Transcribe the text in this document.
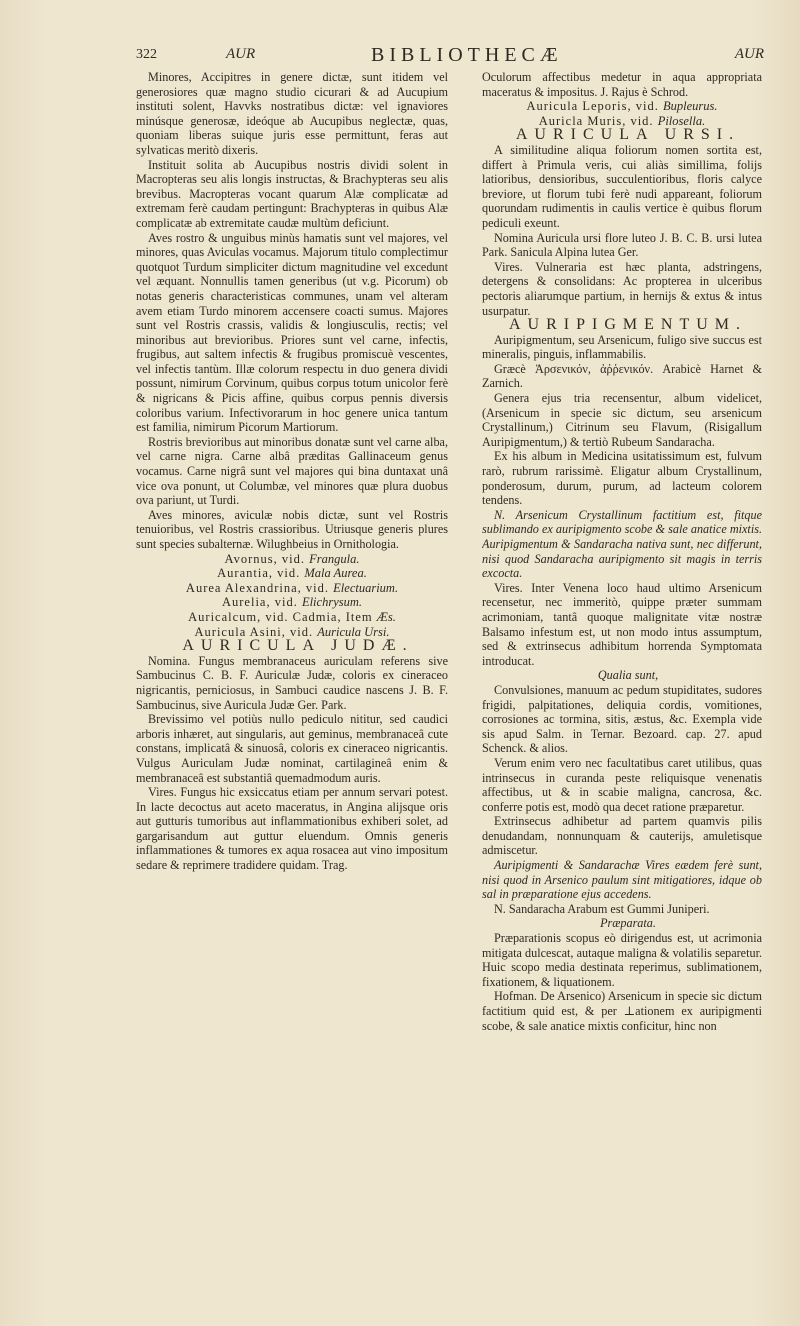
322	AUR	BIBLIOTHECÆ	AUR

Minores, Accipitres in genere dictæ, sunt itidem vel generosiores quæ magno studio cicurari & ad Aucupium instituti solent, Havvks nostratibus dictæ: vel ignaviores minúsque generosæ, ideóque ab Aucupibus neglectæ, quas, quoniam liberas suique juris esse permittunt, feras aut sylvaticas meritò dixeris.

Instituit solita ab Aucupibus nostris dividi solent in Macropteras seu alis longis instructas, & Brachypteras seu alis brevibus. Macropteras vocant quarum Alæ complicatæ ad extremam ferè caudam pertingunt: Brachypteras in quibus Alæ complicatæ ab extremitate caudæ multùm deficiunt.

Aves rostro & unguibus minùs hamatis sunt vel majores, vel minores, quas Aviculas vocamus. Majorum titulo complectimur quotquot Turdum simpliciter dictum magnitudine vel excedunt vel æquant. Nonnullis tamen generibus (ut v.g. Picorum) ob notas generis characteristicas communes, unam vel alteram avem etiam Turdo minorem accensere coacti sumus. Majores sunt vel Rostris crassis, validis & longiusculis, rectis; vel minoribus aut brevioribus. Priores sunt vel carne, infectis, frugibus, aut saltem infectis & frugibus promiscuè vescentes, vel infectis tantùm. Illæ colorum respectu in duo genera dividi possunt, nimirum Corvinum, quibus corpus totum unicolor ferè & nigricans & Picis affine, quibus corpus pennis diversis coloribus varium. Infectivorarum in hoc genere unica tantum est familia, nimirum Picorum Martiorum.

Rostris brevioribus aut minoribus donatæ sunt vel carne alba, vel carne nigra. Carne albâ præditas Gallinaceum genus vocamus. Carne nigrâ sunt vel majores qui bina duntaxat unâ vice ova ponunt, ut Columbæ, vel minores quæ plura duobus ova pariunt, ut Turdi.

Aves minores, aviculæ nobis dictæ, sunt vel Rostris tenuioribus, vel Rostris crassioribus. Utriusque generis plures sunt species subalternæ. Wilughbeius in Ornithologia.

Avornus, vid. Frangula.

Aurantia, vid. Mala Aurea.

Aurea Alexandrina, vid. Electuarium.

Aurelia, vid. Elichrysum.

Auricalcum, vid. Cadmia, Item Æs.

Auricula Asini, vid. Auricula Ursi.

AURICULA JUDÆ.

Nomina. Fungus membranaceus auriculam referens sive Sambucinus C. B. F. Auriculæ Judæ, coloris ex cineraceo nigricantis, perniciosus, in Sambuci caudice nascens J. B. F. Sambucinus, sive Auricula Judæ Ger. Park.

Brevissimo vel potiùs nullo pediculo nititur, sed caudici arboris inhæret, aut singularis, aut geminus, membranaceâ cute constans, implicatâ & sinuosâ, coloris ex cineraceo nigricantis. Vulgus Auriculam Judæ nominat, cartilagineâ enim & membranaceâ est substantiâ quemadmodum auris.

Vires. Fungus hic exsiccatus etiam per annum servari potest. In lacte decoctus aut aceto maceratus, in Angina alijsque oris aut gutturis tumoribus aut inflammationibus exhiberi solet, ad gargarisandum aut guttur eluendum. Omnis generis inflammationes & tumores ex aqua rosacea aut vino impositum sedare & reprimere tradidere quidam. Trag.

Oculorum affectibus medetur in aqua appropriata maceratus & impositus. J. Rajus è Schrod.

Auricula Leporis, vid. Bupleurus.

Auricla Muris, vid. Pilosella.

AURICULA URSI.

A similitudine aliqua foliorum nomen sortita est, differt à Primula veris, cui aliàs simillima, folijs latioribus, densioribus, succulentioribus, floris calyce breviore, ut florum tubi ferè nudi appareant, foliorum quorundam rudimentis in caulis vertice è quibus florum pediculi exeunt.

Nomina Auricula ursi flore luteo J. B. C. B. ursi lutea Park. Sanicula Alpina lutea Ger.

Vires. Vulneraria est hæc planta, adstringens, detergens & consolidans: Ac propterea in ulceribus pectoris aliarumque partium, in hernijs & extus & intus usurpatur.

AURIPIGMENTUM.

Auripigmentum, seu Arsenicum, fuligo sive succus est mineralis, pinguis, inflammabilis.

Græcè Ἀρσενικόν, ἀῤῥενικόν. Arabicè Harnet & Zarnich.

Genera ejus tria recensentur, album videlicet, (Arsenicum in specie sic dictum, seu arsenicum Crystallinum,) Citrinum seu Flavum, (Risigallum Auripigmentum,) & tertiò Rubeum Sandaracha.

Ex his album in Medicina usitatissimum est, fulvum rarò, rubrum rarissimè. Eligatur album Crystallinum, ponderosum, durum, purum, ad lacteum colorem tendens.

N. Arsenicum Crystallinum factitium est, fitque sublimando ex auripigmento scobe & sale anatice mixtis. Auripigmentum & Sandaracha nativa sunt, nec differunt, nisi quod Sandaracha auripigmento sit magis in terris excocta.

Vires. Inter Venena loco haud ultimo Arsenicum recensetur, nec immeritò, quippe præter summam acrimoniam, tantâ quoque malignitate vitæ nostræ Balsamo infestum est, ut non modo intus assumptum, sed & extrinsecus adhibitum horrenda Symptomata introducat.

Qualia sunt,

Convulsiones, manuum ac pedum stupiditates, sudores frigidi, palpitationes, deliquia cordis, vomitiones, corrosiones ac tormina, sitis, æstus, &c. Exempla vide sis apud Salm. in Ternar. Bezoard. cap. 27. apud Schenck. & alios.

Verum enim vero nec facultatibus caret utilibus, quas intrinsecus in curanda peste reliquisque venenatis affectibus, ut & in scabie maligna, cancrosa, &c. conferre potis est, modò qua decet ratione præparetur.

Extrinsecus adhibetur ad partem quamvis pilis denudandam, nonnunquam & cauterijs, amuletisque admiscetur.

Auripigmenti & Sandarachæ Vires eædem ferè sunt, nisi quod in Arsenico paulum sint mitigatiores, idque ob sal in præparatione ejus accedens.

N. Sandaracha Arabum est Gummi Juniperi.

Præparata.

Præparationis scopus eò dirigendus est, ut acrimonia mitigata dulcescat, autaque maligna & volatilis separetur. Huic scopo media destinata reperimus, sublimationem, fixationem, & liquationem.

Hofman. De Arsenico) Arsenicum in specie sic dictum factitium quid est, & per ⊥ationem ex auripigmenti scobe, & sale anatice mixtis conficitur, hinc non
